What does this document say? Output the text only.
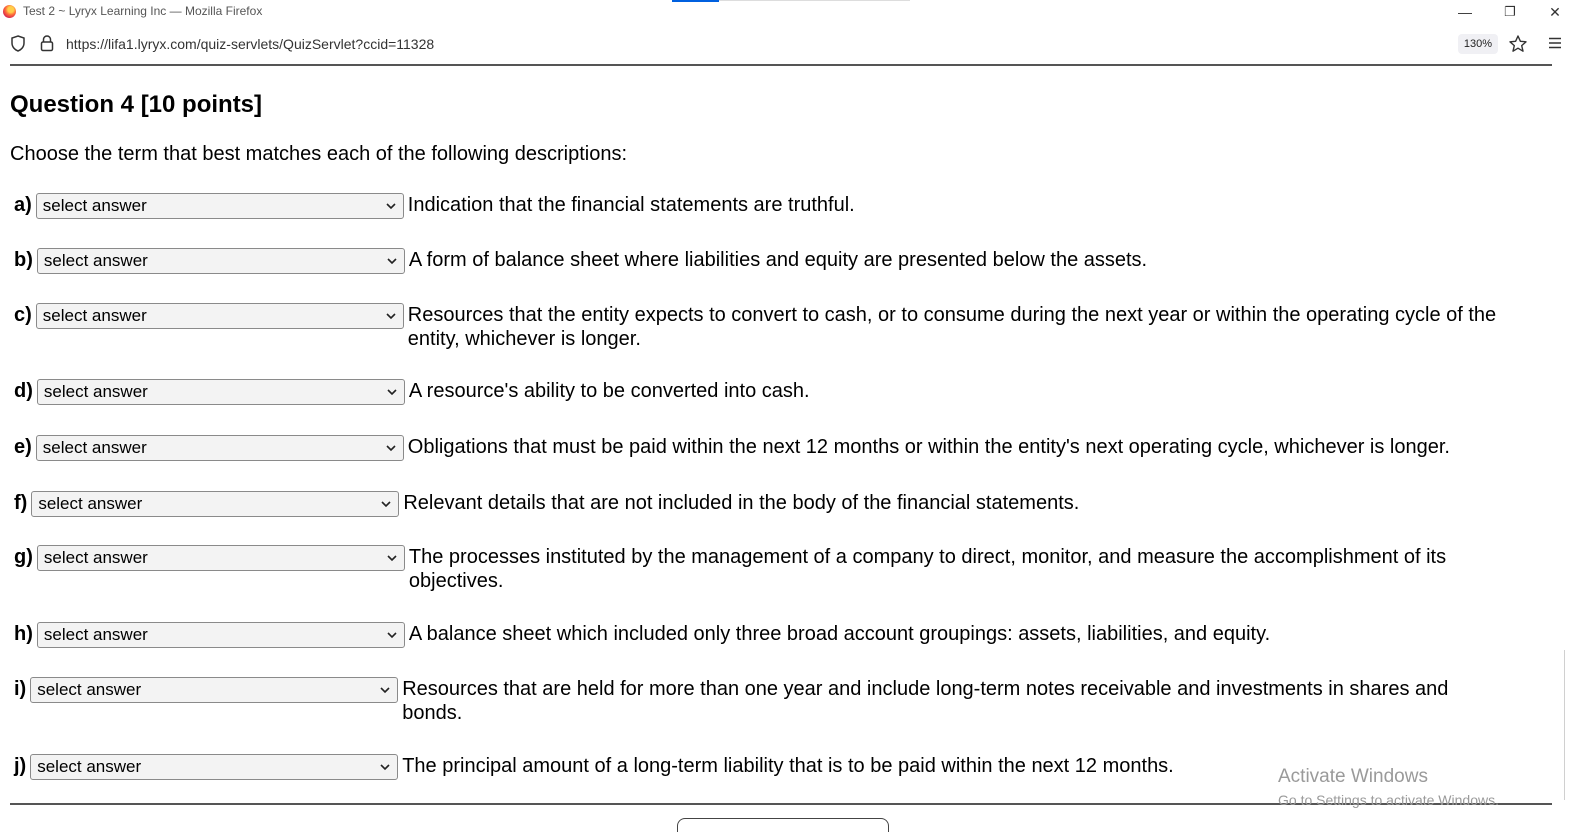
Test 2 ~ Lyryx Learning Inc — Mozilla Firefox	—	❐	✕
https://lifa1.lyryx.com/quiz-servlets/QuizServlet?ccid=11328	130%
Question 4 [10 points]
Choose the term that best matches each of the following descriptions:
a) select answer	Indication that the financial statements are truthful.
b) select answer	A form of balance sheet where liabilities and equity are presented below the assets.
c) select answer	Resources that the entity expects to convert to cash, or to consume during the next year or within the operating cycle of the entity, whichever is longer.
d) select answer	A resource's ability to be converted into cash.
e) select answer	Obligations that must be paid within the next 12 months or within the entity's next operating cycle, whichever is longer.
f) select answer	Relevant details that are not included in the body of the financial statements.
g) select answer	The processes instituted by the management of a company to direct, monitor, and measure the accomplishment of its objectives.
h) select answer	A balance sheet which included only three broad account groupings: assets, liabilities, and equity.
i) select answer	Resources that are held for more than one year and include long-term notes receivable and investments in shares and bonds.
j) select answer	The principal amount of a long-term liability that is to be paid within the next 12 months.	Activate Windows
Go to Settings to activate Windows.
